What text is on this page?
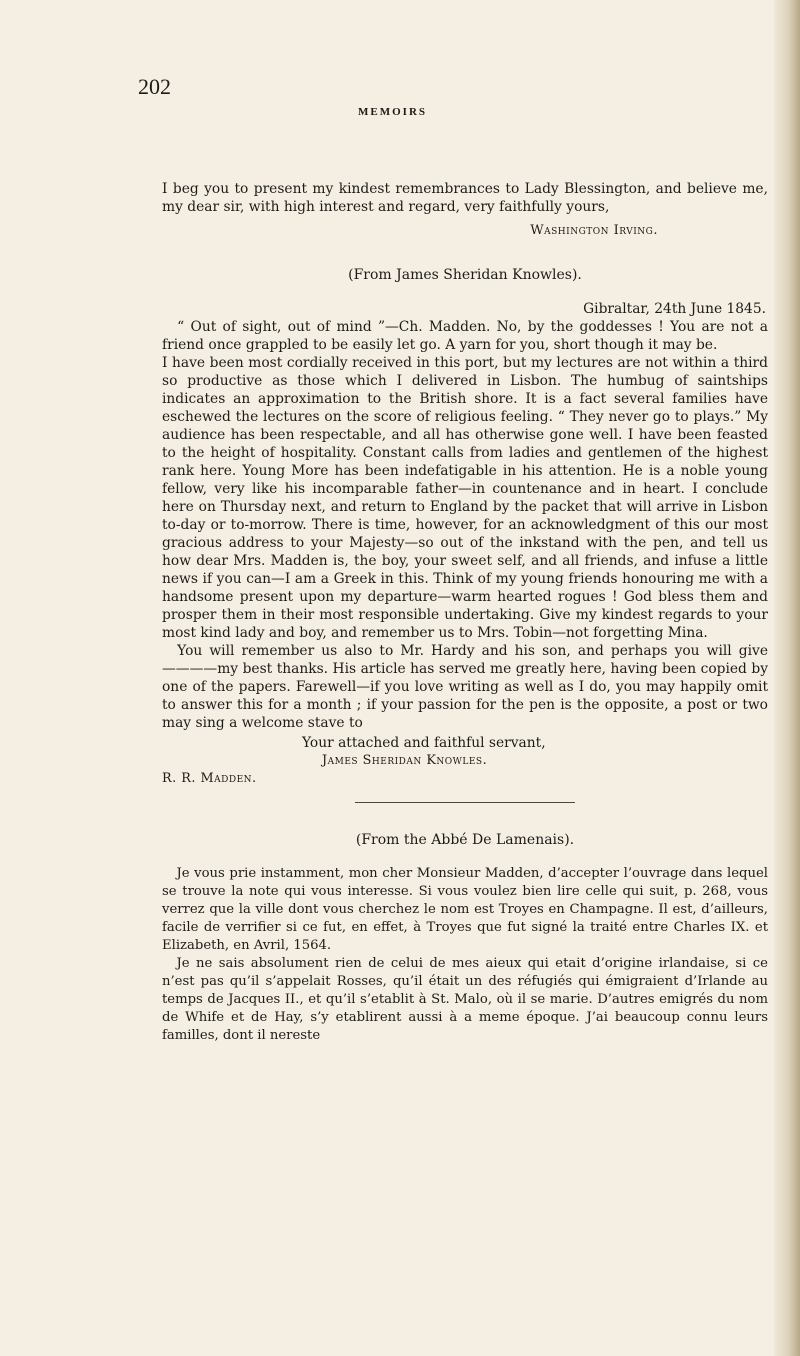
202
MEMOIRS

I beg you to present my kindest remembrances to Lady Blessington, and believe me, my dear sir, with high interest and regard, very faithfully yours,

Washington Irving.
(From James Sheridan Knowles).
Gibraltar, 24th June 1845.

“ Out of sight, out of mind ”—Ch. Madden. No, by the goddesses ! You are not a friend once grappled to be easily let go. A yarn for you, short though it may be.

I have been most cordially received in this port, but my lectures are not within a third so productive as those which I delivered in Lisbon. The humbug of saintships indicates an approximation to the British shore. It is a fact several families have eschewed the lectures on the score of religious feeling. “ They never go to plays.” My audience has been respectable, and all has otherwise gone well. I have been feasted to the height of hospitality. Constant calls from ladies and gentlemen of the highest rank here. Young More has been indefatigable in his attention. He is a noble young fellow, very like his incomparable father—in countenance and in heart. I conclude here on Thursday next, and return to England by the packet that will arrive in Lisbon to-day or to-morrow. There is time, however, for an acknowledgment of this our most gracious address to your Majesty—so out of the inkstand with the pen, and tell us how dear Mrs. Madden is, the boy, your sweet self, and all friends, and infuse a little news if you can—I am a Greek in this. Think of my young friends honouring me with a handsome present upon my departure—warm hearted rogues ! God bless them and prosper them in their most responsible undertaking. Give my kindest regards to your most kind lady and boy, and remember us to Mrs. Tobin—not forgetting Mina.

You will remember us also to Mr. Hardy and his son, and perhaps you will give————my best thanks. His article has served me greatly here, having been copied by one of the papers. Farewell—if you love writing as well as I do, you may happily omit to answer this for a month ; if your passion for the pen is the opposite, a post or two may sing a welcome stave to

Your attached and faithful servant,
James Sheridan Knowles.
R. R. Madden.
(From the Abbé De Lamenais).

Je vous prie instamment, mon cher Monsieur Madden, d’accepter l’ouvrage dans lequel se trouve la note qui vous interesse. Si vous voulez bien lire celle qui suit, p. 268, vous verrez que la ville dont vous cherchez le nom est Troyes en Champagne. Il est, d’ailleurs, facile de verrifier si ce fut, en effet, à Troyes que fut signé la traité entre Charles IX. et Elizabeth, en Avril, 1564.

Je ne sais absolument rien de celui de mes aieux qui etait d’origine irlandaise, si ce n’est pas qu’il s’appelait Rosses, qu’il était un des réfugiés qui émigraient d’Irlande au temps de Jacques II., et qu’il s’etablit à St. Malo, où il se marie. D’autres emigrés du nom de Whife et de Hay, s’y etablirent aussi à a meme époque. J’ai beaucoup connu leurs familles, dont il nereste
